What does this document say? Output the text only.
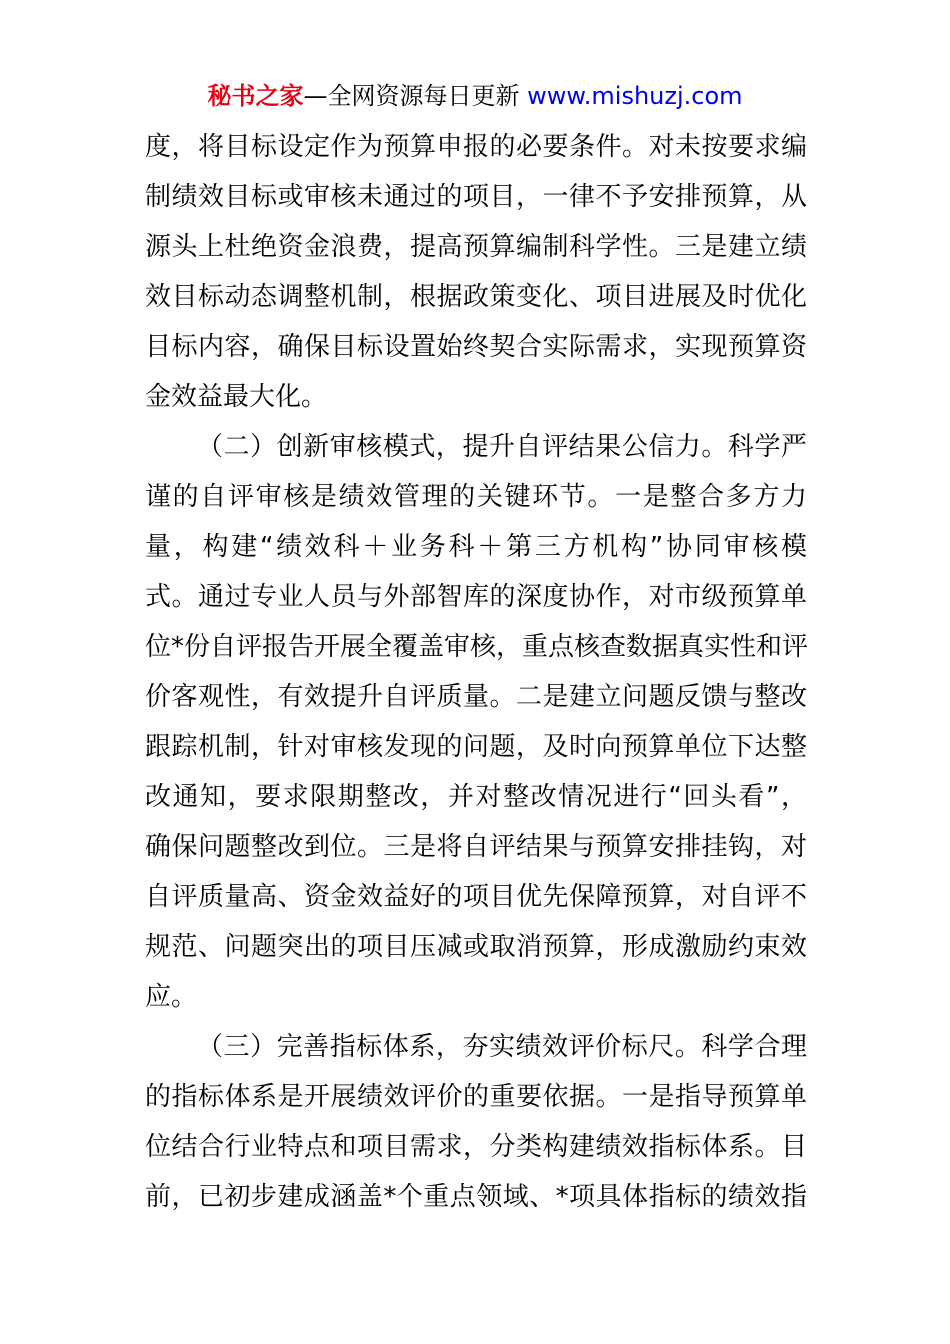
秘书之家—全网资源每日更新 www.mishuzj.com
度，将目标设定作为预算申报的必要条件。对未按要求编
制绩效目标或审核未通过的项目，一律不予安排预算，从
源头上杜绝资金浪费，提高预算编制科学性。三是建立绩
效目标动态调整机制，根据政策变化、项目进展及时优化
目标内容，确保目标设置始终契合实际需求，实现预算资
金效益最大化。
（二）创新审核模式，提升自评结果公信力。科学严
谨的自评审核是绩效管理的关键环节。一是整合多方力
量，构建“绩效科＋业务科＋第三方机构”协同审核模
式。通过专业人员与外部智库的深度协作，对市级预算单
位*份自评报告开展全覆盖审核，重点核查数据真实性和评
价客观性，有效提升自评质量。二是建立问题反馈与整改
跟踪机制，针对审核发现的问题，及时向预算单位下达整
改通知，要求限期整改，并对整改情况进行“回头看”，
确保问题整改到位。三是将自评结果与预算安排挂钩，对
自评质量高、资金效益好的项目优先保障预算，对自评不
规范、问题突出的项目压减或取消预算，形成激励约束效
应。
（三）完善指标体系，夯实绩效评价标尺。科学合理
的指标体系是开展绩效评价的重要依据。一是指导预算单
位结合行业特点和项目需求，分类构建绩效指标体系。目
前，已初步建成涵盖*个重点领域、*项具体指标的绩效指
